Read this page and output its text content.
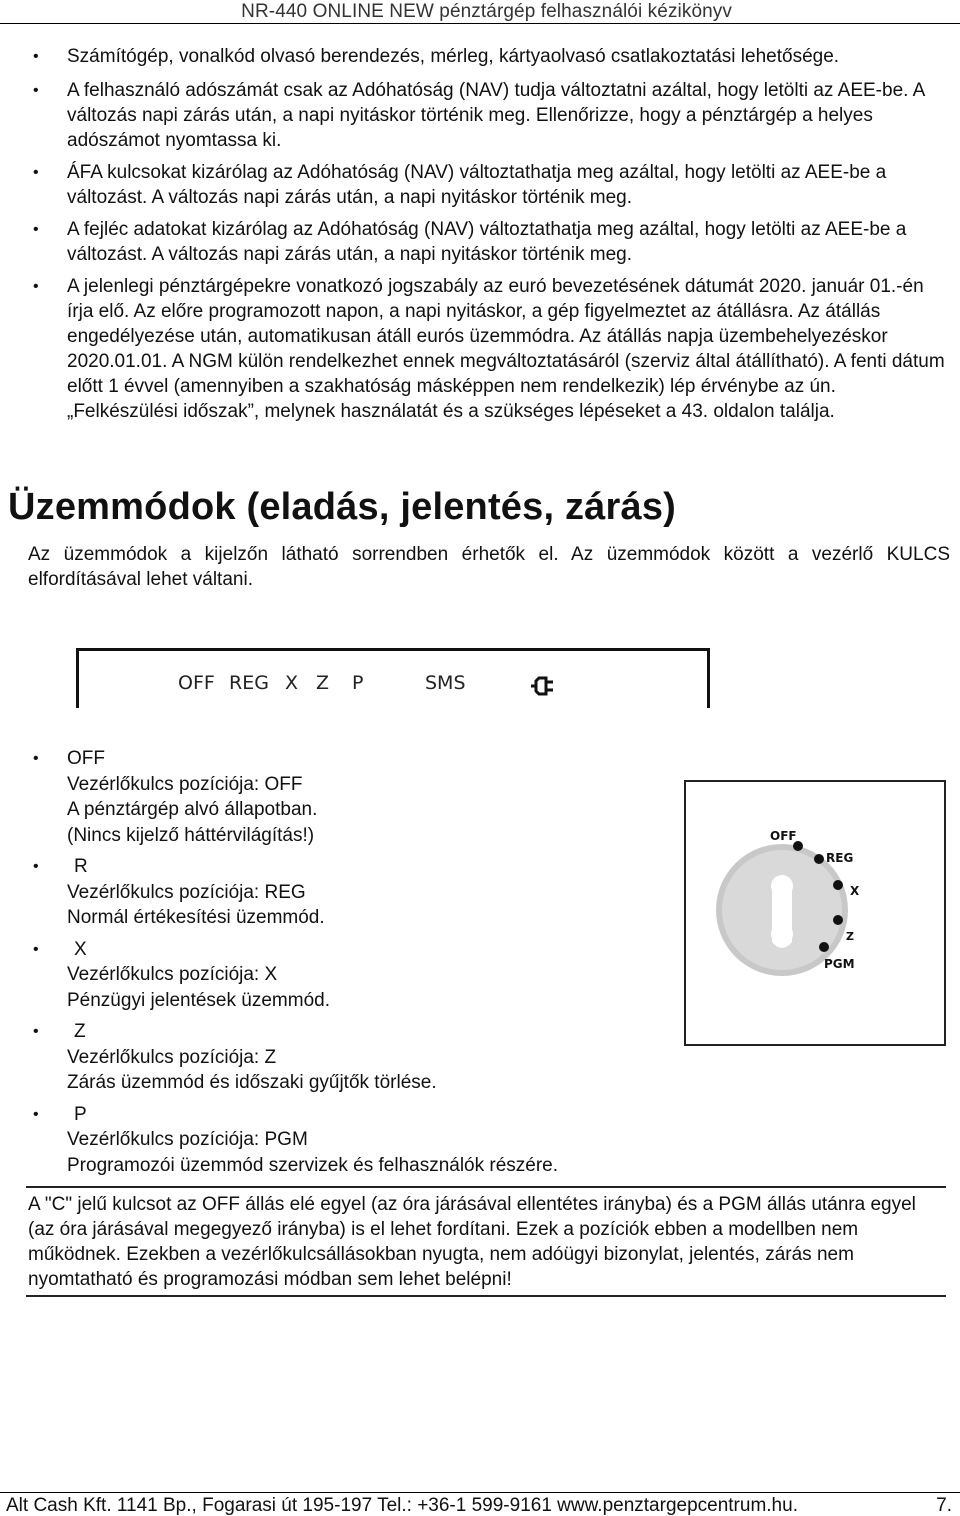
NR-440 ONLINE NEW pénztárgép felhasználói kézikönyv
• Számítógép, vonalkód olvasó berendezés, mérleg, kártyaolvasó csatlakoztatási lehetősége.
• A felhasználó adószámát csak az Adóhatóság (NAV) tudja változtatni azáltal, hogy letölti az AEE-be. A változás napi zárás után, a napi nyitáskor történik meg. Ellenőrizze, hogy a pénztárgép a helyes adószámot nyomtassa ki.
• ÁFA kulcsokat kizárólag az Adóhatóság (NAV) változtathatja meg azáltal, hogy letölti az AEE-be a változást. A változás napi zárás után, a napi nyitáskor történik meg.
• A fejléc adatokat kizárólag az Adóhatóság (NAV) változtathatja meg azáltal, hogy letölti az AEE-be a változást. A változás napi zárás után, a napi nyitáskor történik meg.
• A jelenlegi pénztárgépekre vonatkozó jogszabály az euró bevezetésének dátumát 2020. január 01.-én írja elő. Az előre programozott napon, a napi nyitáskor, a gép figyelmeztet az átállásra. Az átállás engedélyezése után, automatikusan átáll eurós üzemmódra. Az átállás napja üzembehelyezéskor 2020.01.01. A NGM külön rendelkezhet ennek megváltoztatásáról (szerviz által átállítható). A fenti dátum előtt 1 évvel (amennyiben a szakhatóság másképpen nem rendelkezik) lép érvénybe az ún. „Felkészülési időszak”, melynek használatát és a szükséges lépéseket a 43. oldalon találja.
Üzemmódok (eladás, jelentés, zárás)

Az üzemmódok a kijelzőn látható sorrendben érhetők el. Az üzemmódok között a vezérlő KULCS elfordításával lehet váltani.

OFF REG X Z P	SMS
• OFF
Vezérlőkulcs pozíciója: OFF
A pénztárgép alvó állapotban.
(Nincs kijelző háttérvilágítás!)
• R
Vezérlőkulcs pozíciója: REG
Normál értékesítési üzemmód.
• X
Vezérlőkulcs pozíciója: X
Pénzügyi jelentések üzemmód.
• Z
Vezérlőkulcs pozíciója: Z
Zárás üzemmód és időszaki gyűjtők törlése.
• P
Vezérlőkulcs pozíciója: PGM
Programozói üzemmód szervizek és felhasználók részére.
OFF
REG
X
Z
PGM

A "C" jelű kulcsot az OFF állás elé egyel (az óra járásával ellentétes irányba) és a PGM állás utánra egyel (az óra járásával megegyező irányba) is el lehet fordítani. Ezek a pozíciók ebben a modellben nem működnek. Ezekben a vezérlőkulcsállásokban nyugta, nem adóügyi bizonylat, jelentés, zárás nem nyomtatható és programozási módban sem lehet belépni!

Alt Cash Kft. 1141 Bp., Fogarasi út 195-197 Tel.: +36-1 599-9161 www.penztargepcentrum.hu.	7.
